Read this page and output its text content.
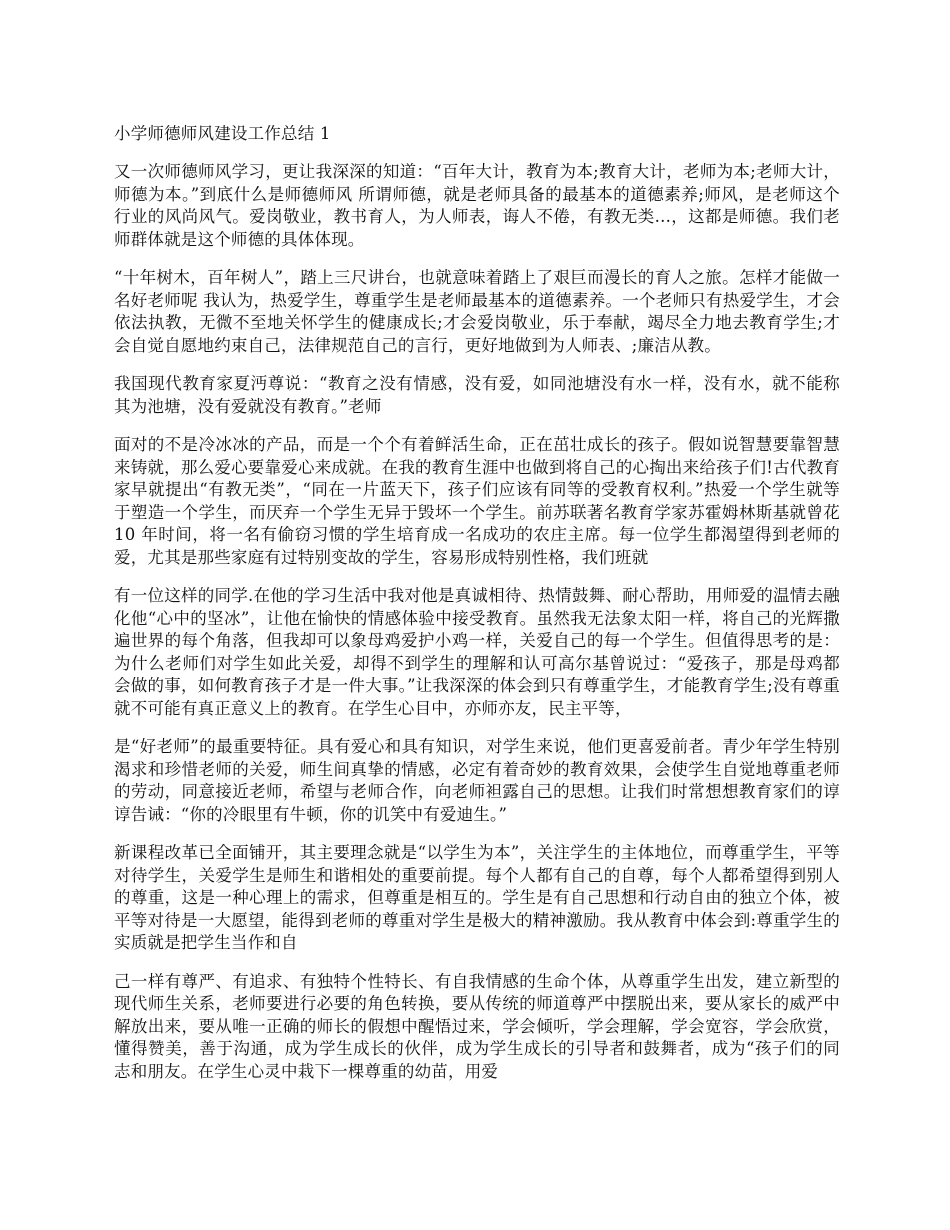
小学师德师风建设工作总结 1

又一次师德师风学习，更让我深深的知道：“百年大计，教育为本;教育大计，老师为本;老师大计，师德为本。”到底什么是师德师风 所谓师德，就是老师具备的最基本的道德素养;师风，是老师这个行业的风尚风气。爱岗敬业，教书育人，为人师表，诲人不倦，有教无类...，这都是师德。我们老师群体就是这个师德的具体体现。

“十年树木，百年树人”，踏上三尺讲台，也就意味着踏上了艰巨而漫长的育人之旅。怎样才能做一名好老师呢 我认为，热爱学生，尊重学生是老师最基本的道德素养。一个老师只有热爱学生，才会依法执教，无微不至地关怀学生的健康成长;才会爱岗敬业，乐于奉献，竭尽全力地去教育学生;才会自觉自愿地约束自己，法律规范自己的言行，更好地做到为人师表、;廉洁从教。

我国现代教育家夏沔尊说：“教育之没有情感，没有爱，如同池塘没有水一样，没有水，就不能称其为池塘，没有爱就没有教育。”老师

面对的不是冷冰冰的产品，而是一个个有着鲜活生命，正在茁壮成长的孩子。假如说智慧要靠智慧来铸就，那么爱心要靠爱心来成就。在我的教育生涯中也做到将自己的心掏出来给孩子们!古代教育家早就提出“有教无类”，“同在一片蓝天下，孩子们应该有同等的受教育权利。”热爱一个学生就等于塑造一个学生，而厌弃一个学生无异于毁坏一个学生。前苏联著名教育学家苏霍姆林斯基就曾花 10 年时间，将一名有偷窃习惯的学生培育成一名成功的农庄主席。每一位学生都渴望得到老师的爱，尤其是那些家庭有过特别变故的学生，容易形成特别性格，我们班就

有一位这样的同学.在他的学习生活中我对他是真诚相待、热情鼓舞、耐心帮助，用师爱的温情去融化他“心中的坚冰”，让他在愉快的情感体验中接受教育。虽然我无法象太阳一样，将自己的光辉撒遍世界的每个角落，但我却可以象母鸡爱护小鸡一样，关爱自己的每一个学生。但值得思考的是：为什么老师们对学生如此关爱，却得不到学生的理解和认可高尔基曾说过：“爱孩子，那是母鸡都会做的事，如何教育孩子才是一件大事。”让我深深的体会到只有尊重学生，才能教育学生;没有尊重就不可能有真正意义上的教育。在学生心目中，亦师亦友，民主平等，

是“好老师”的最重要特征。具有爱心和具有知识，对学生来说，他们更喜爱前者。青少年学生特别渴求和珍惜老师的关爱，师生间真挚的情感，必定有着奇妙的教育效果，会使学生自觉地尊重老师的劳动，同意接近老师，希望与老师合作，向老师袒露自己的思想。让我们时常想想教育家们的谆谆告诫：“你的冷眼里有牛顿，你的讥笑中有爱迪生。”

新课程改革已全面铺开，其主要理念就是“以学生为本”，关注学生的主体地位，而尊重学生，平等对待学生，关爱学生是师生和谐相处的重要前提。每个人都有自己的自尊，每个人都希望得到别人的尊重，这是一种心理上的需求，但尊重是相互的。学生是有自己思想和行动自由的独立个体，被平等对待是一大愿望，能得到老师的尊重对学生是极大的精神激励。我从教育中体会到:尊重学生的实质就是把学生当作和自

己一样有尊严、有追求、有独特个性特长、有自我情感的生命个体，从尊重学生出发，建立新型的现代师生关系，老师要进行必要的角色转换，要从传统的师道尊严中摆脱出来，要从家长的威严中解放出来，要从唯一正确的师长的假想中醒悟过来，学会倾听，学会理解，学会宽容，学会欣赏，懂得赞美，善于沟通，成为学生成长的伙伴，成为学生成长的引导者和鼓舞者，成为“孩子们的同志和朋友。在学生心灵中栽下一棵尊重的幼苗，用爱
